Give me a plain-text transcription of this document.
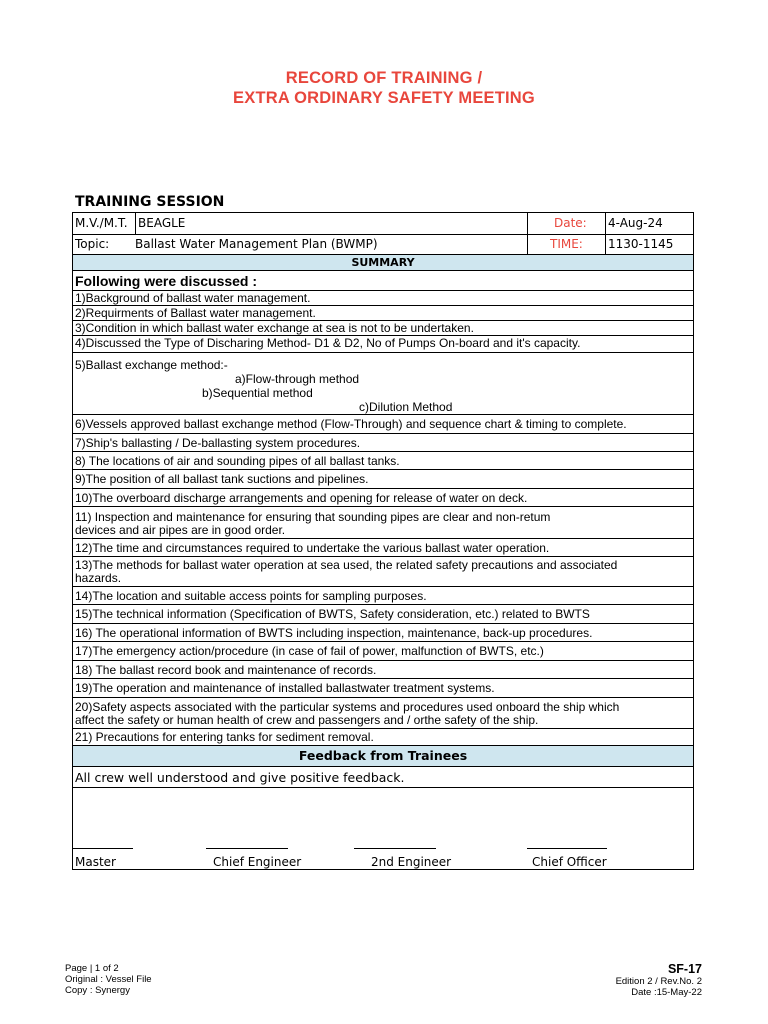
RECORD OF TRAINING /
EXTRA ORDINARY SAFETY MEETING
TRAINING SESSION
M.V./M.T. BEAGLE	Date: 4-Aug-24
Topic: Ballast Water Management Plan (BWMP)	TIME: 1130-1145
SUMMARY
Following were discussed :
1)Background of ballast water management.
2)Requirments of Ballast water management.
3)Condition in which ballast water exchange at sea is not to be undertaken.
4)Discussed the Type of Discharing Method- D1 & D2, No of Pumps On-board and it's capacity.
5)Ballast exchange method:-
a)Flow-through method
b)Sequential method
c)Dilution Method
6)Vessels approved ballast exchange method (Flow-Through) and sequence chart & timing to complete.
7)Ship's ballasting / De-ballasting system procedures.
8) The locations of air and sounding pipes of all ballast tanks.
9)The position of all ballast tank suctions and pipelines.
10)The overboard discharge arrangements and opening for release of water on deck.
11) Inspection and maintenance for ensuring that sounding pipes are clear and non-retum
devices and air pipes are in good order.
12)The time and circumstances required to undertake the various ballast water operation.
13)The methods for ballast water operation at sea used, the related safety precautions and associated
hazards.
14)The location and suitable access points for sampling purposes.
15)The technical information (Specification of BWTS, Safety consideration, etc.) related to BWTS
16) The operational information of BWTS including inspection, maintenance, back-up procedures.
17)The emergency action/procedure (in case of fail of power, malfunction of BWTS, etc.)
18) The ballast record book and maintenance of records.
19)The operation and maintenance of installed ballastwater treatment systems.
20)Safety aspects associated with the particular systems and procedures used onboard the ship which
affect the safety or human health of crew and passengers and / orthe safety of the ship.
21) Precautions for entering tanks for sediment removal.
Feedback from Trainees
All crew well understood and give positive feedback.
Master	Chief Engineer	2nd Engineer	Chief Officer
Page | 1 of 2
Original : Vessel File
Copy : Synergy
SF-17
Edition 2 / Rev.No. 2
Date :15-May-22
